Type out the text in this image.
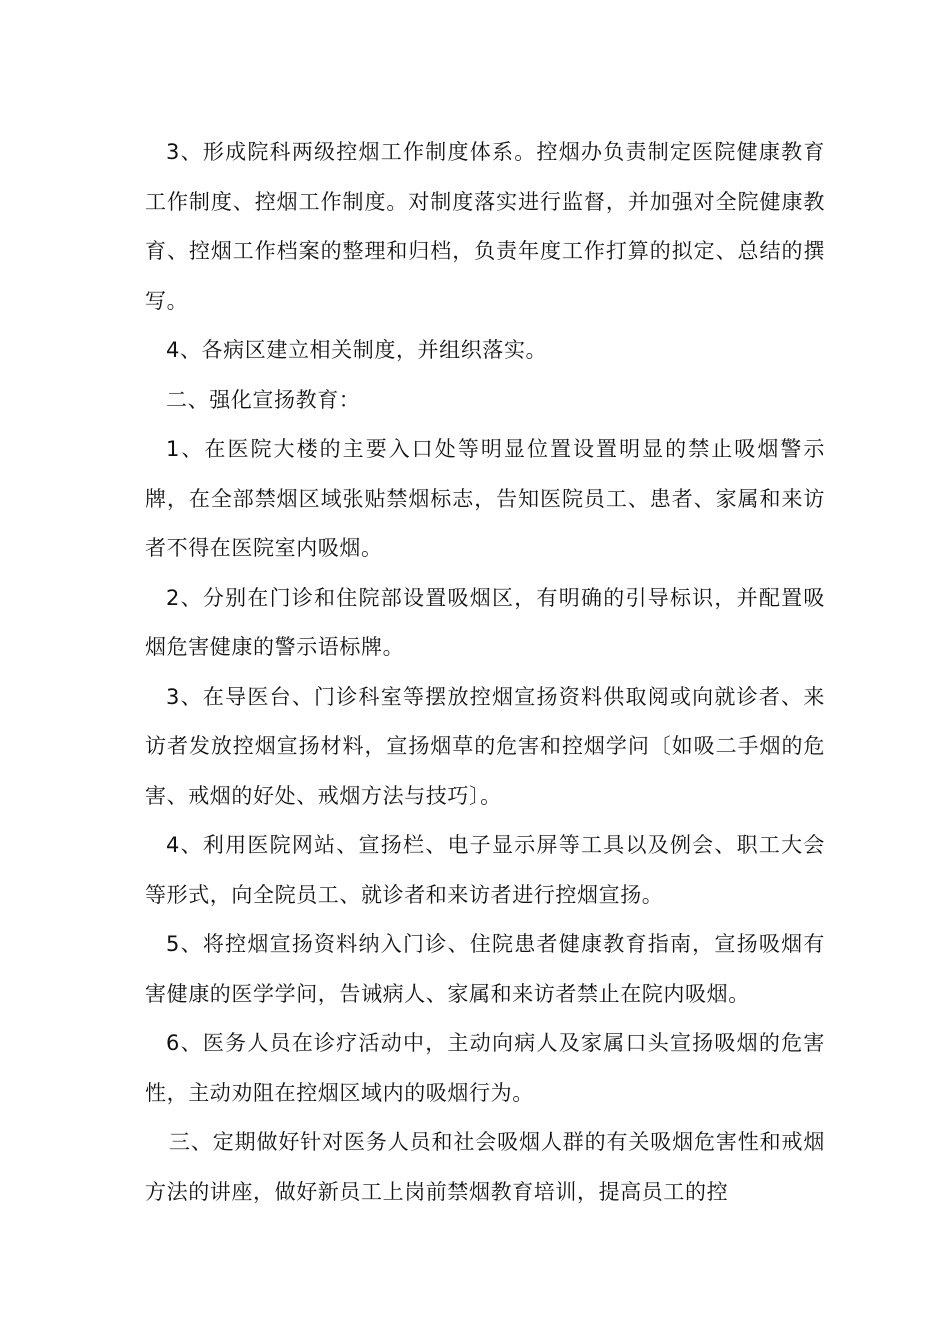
3、形成院科两级控烟工作制度体系。控烟办负责制定医院健康教育工作制度、控烟工作制度。对制度落实进行监督，并加强对全院健康教育、控烟工作档案的整理和归档，负责年度工作打算的拟定、总结的撰写。

4、各病区建立相关制度，并组织落实。

二、强化宣扬教育：

1、在医院大楼的主要入口处等明显位置设置明显的禁止吸烟警示牌，在全部禁烟区域张贴禁烟标志，告知医院员工、患者、家属和来访者不得在医院室内吸烟。

2、分别在门诊和住院部设置吸烟区，有明确的引导标识，并配置吸烟危害健康的警示语标牌。

3、在导医台、门诊科室等摆放控烟宣扬资料供取阅或向就诊者、来访者发放控烟宣扬材料，宣扬烟草的危害和控烟学问〔如吸二手烟的危害、戒烟的好处、戒烟方法与技巧〕。

4、利用医院网站、宣扬栏、电子显示屏等工具以及例会、职工大会等形式，向全院员工、就诊者和来访者进行控烟宣扬。

5、将控烟宣扬资料纳入门诊、住院患者健康教育指南，宣扬吸烟有害健康的医学学问，告诫病人、家属和来访者禁止在院内吸烟。

6、医务人员在诊疗活动中，主动向病人及家属口头宣扬吸烟的危害性，主动劝阻在控烟区域内的吸烟行为。

三、定期做好针对医务人员和社会吸烟人群的有关吸烟危害性和戒烟方法的讲座，做好新员工上岗前禁烟教育培训，提高员工的控
